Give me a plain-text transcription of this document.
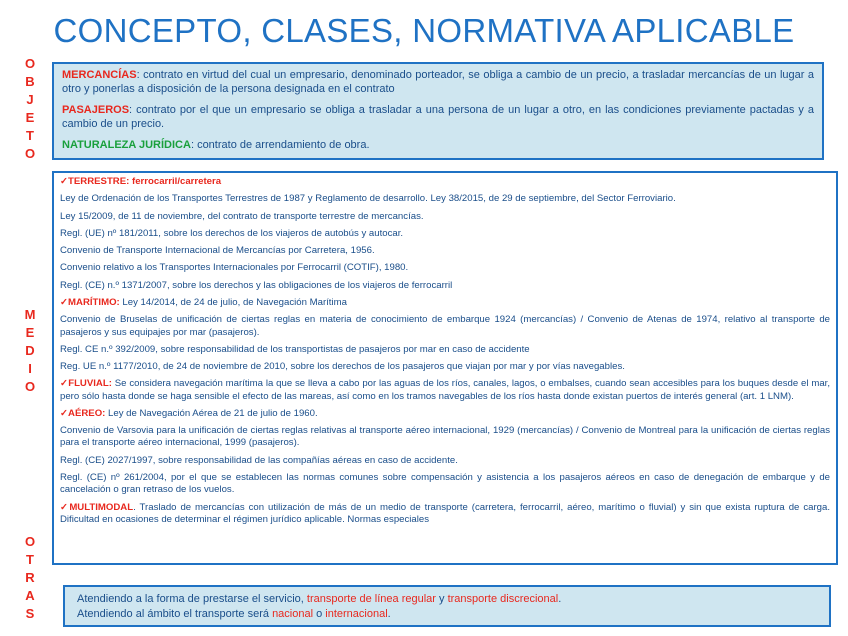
CONCEPTO, CLASES, NORMATIVA APLICABLE
O
B
J
E
T
O
M
E
D
I
O
O
T
R
A
S

MERCANCÍAS: contrato en virtud del cual un empresario, denominado porteador, se obliga a cambio de un precio, a trasladar mercancías de un lugar a otro y ponerlas a disposición de la persona designada en el contrato

PASAJEROS: contrato por el que un empresario se obliga a trasladar a una persona de un lugar a otro, en las condiciones previamente pactadas y a cambio de un precio.

NATURALEZA JURÍDICA: contrato de arrendamiento de obra.

✓TERRESTRE: ferrocarril/carretera

Ley de Ordenación de los Transportes Terrestres de 1987 y Reglamento de desarrollo. Ley 38/2015, de 29 de septiembre, del Sector Ferroviario.

Ley 15/2009, de 11 de noviembre, del contrato de transporte terrestre de mercancías.

Regl. (UE) nº 181/2011, sobre los derechos de los viajeros de autobús y autocar.

Convenio de Transporte Internacional de Mercancías por Carretera, 1956.

Convenio relativo a los Transportes Internacionales por Ferrocarril (COTIF), 1980.

Regl. (CE) n.º 1371/2007, sobre los derechos y las obligaciones de los viajeros de ferrocarril

✓MARÍTIMO: Ley 14/2014, de 24 de julio, de Navegación Marítima

Convenio de Bruselas de unificación de ciertas reglas en materia de conocimiento de embarque 1924 (mercancías) / Convenio de Atenas de 1974, relativo al transporte de pasajeros y sus equipajes por mar (pasajeros).

Regl. CE n.º 392/2009, sobre responsabilidad de los transportistas de pasajeros por mar en caso de accidente

Reg. UE n.º 1177/2010, de 24 de noviembre de 2010, sobre los derechos de los pasajeros que viajan por mar y por vías navegables.

✓FLUVIAL: Se considera navegación marítima la que se lleva a cabo por las aguas de los ríos, canales, lagos, o embalses, cuando sean accesibles para los buques desde el mar, pero sólo hasta donde se haga sensible el efecto de las mareas, así como en los tramos navegables de los ríos hasta donde existan puertos de interés general (art. 1 LNM).

✓AÉREO: Ley de Navegación Aérea de 21 de julio de 1960.

Convenio de Varsovia para la unificación de ciertas reglas relativas al transporte aéreo internacional, 1929 (mercancías) / Convenio de Montreal para la unificación de ciertas reglas para el transporte aéreo internacional, 1999 (pasajeros).

Regl. (CE) 2027/1997, sobre responsabilidad de las compañías aéreas en caso de accidente.

Regl. (CE) nº 261/2004, por el que se establecen las normas comunes sobre compensación y asistencia a los pasajeros aéreos en caso de denegación de embarque y de cancelación o gran retraso de los vuelos.

✓MULTIMODAL. Traslado de mercancías con utilización de más de un medio de transporte (carretera, ferrocarril, aéreo, marítimo o fluvial) y sin que exista ruptura de carga. Dificultad en ocasiones de determinar el régimen jurídico aplicable. Normas especiales

Atendiendo a la forma de prestarse el servicio, transporte de línea regular y transporte discrecional.
Atendiendo al ámbito el transporte será nacional o internacional.
